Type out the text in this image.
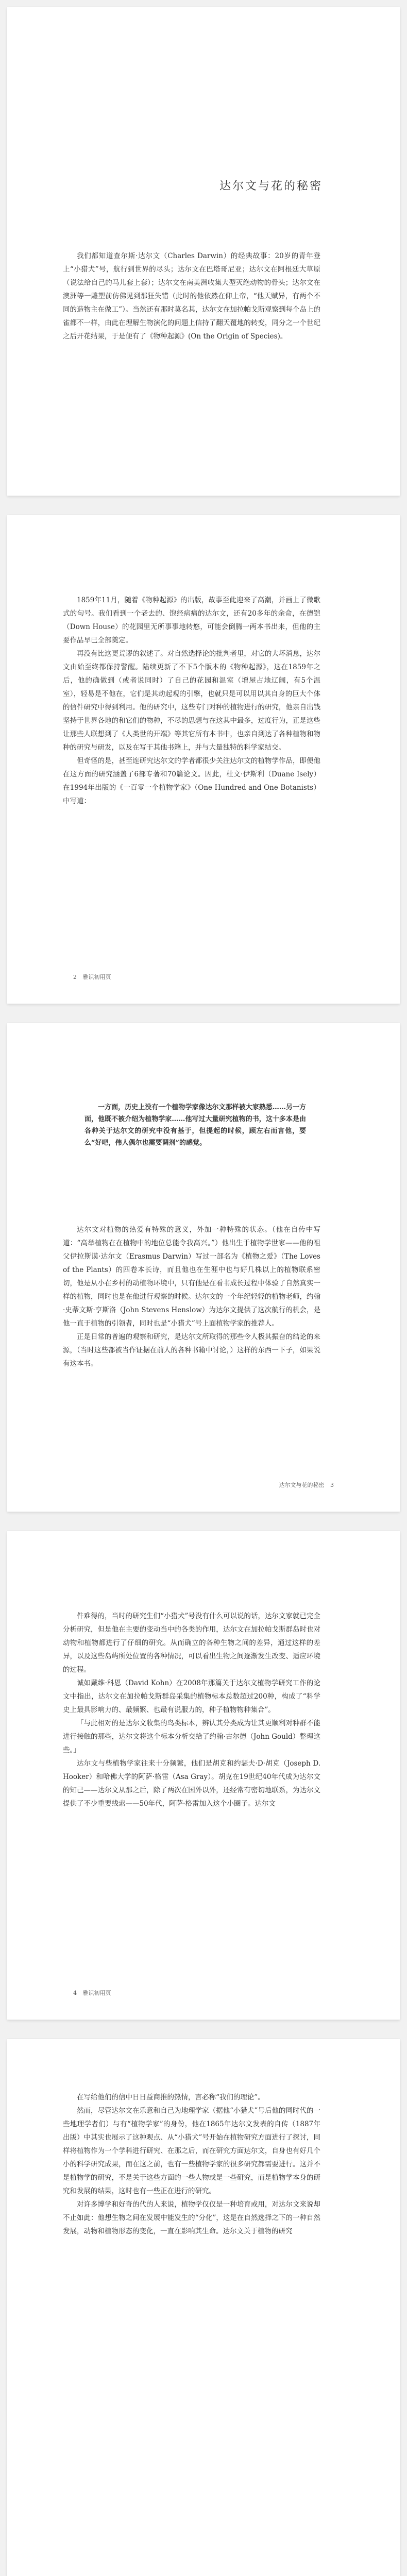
达尔文与花的秘密

我们都知道查尔斯·达尔文（Charles Darwin）的经典故事：20岁的青年登上“小猎犬”号，航行到世界的尽头；达尔文在巴塔哥尼亚；达尔文在阿根廷大草原（说法给自己的马儿套上套）；达尔文在南美洲收集大型灭绝动物的骨头；达尔文在澳洲等一雕塑前仿佛见到那狂失错（此时的他依然在仰上帝，“他天赋异，有两个不同的造物主在做工”）。当然还有那时莫名其，达尔文在加拉帕戈斯观察到每个岛上的雀都不一样，由此在理解生物演化的问题上信持了翻天覆地的转变，同分之一个世纪之后开花结果，于是便有了《物种起源》(On the Origin of Species)。

1859年11月，随着《物种起源》的出版，故事至此迎来了高潮，并画上了微歌式的句号。我们看到一个老去的、饱经病痛的达尔文，还有20多年的余命，在德铠（Down House）的花园里无所事事地转悠，可能会倒腾一两本书出来，但他的主要作品早已全部奠定。

再没有比这更荒谬的叙述了。对自然选择论的批判者里，对它的大坏消息，达尔文由始至终都保持警醒。陆续更新了不下5个版本的《物种起源》，这在1859年之后，他的确做到（或者说同时）了自己的花园和温室（增屋占地辽阔，有5个温室），轻易是不他在，它们是其动起观的引擎，也就只是可以用以其自身的巨大个体的信件研究中得到利用。他的研究中，这些专门对种的植物进行的研究，他亲自出钱坚持于世界各地的和它们的物种，不尽的思想与在这其中最多，过度行为，正是这些让那些人联想到了《人类世的开端》等其它所有本书中，也亲自到达了各种植物和物种的研究与研发，以及在写于其他书籍上，并与大量独特的科学家结交。

但奇怪的是，甚至连研究达尔文的学者都很少关注达尔文的植物学作品，即便他在这方面的研究涵盖了6部专著和70篇论文。因此，杜文·伊斯利（Duane Isely）在1994年出版的《一百零一个植物学家》（One Hundred and One Botanists）中写道：

2 雅识初用页

一方面，历史上没有一个植物学家像达尔文那样被大家熟悉……另一方面，他既不被介绍为植物学家……他写过大量研究植物的书，这十多本是由各种关于达尔文的研究中没有基于，但提起的时候，顾左右而言他，要么“好吧，伟人偶尔也需要调剂”的感觉。

达尔文对植物的热爱有特殊的意义，外加一种特殊的状态。（他在自传中写道：“高举植物在在植物中的地位总能令我高兴。”）他出生于植物学世家——他的祖父伊拉斯谟·达尔文（Erasmus Darwin）写过一部名为《植物之爱》（The Loves of the Plants）的四卷本长诗，而且他也在生涯中也与好几株以上的植物联系密切，他是从小在乡村的动植物环境中，只有他是在看书成长过程中体验了自然真实一样的植物，同时也是在他进行观察的时候。达尔文的一个年纪轻轻的植物老师，约翰·史蒂文斯·亨斯洛（John Stevens Henslow）为达尔文提供了这次航行的机会，是他一直于植物的引领者，同时也是“小猎犬”号上面植物学家的推荐人。

正是日常的普遍的观察和研究，是达尔文所取得的那些令人极其振奋的结论的来源，（当时这些都被当作证据在前人的各种书籍中讨论，）这样的东西一下子，如果说有这本书。

达尔文与花的秘密 3

件难得的，当时的研究生们“小猎犬”号没有什么可以说的话，达尔文家就已完全分析研究，但是他在主要的变动当中的各类的作用，达尔文在加拉帕戈斯群岛时也对动物和植物都进行了仔细的研究。从而确立的各种生物之间的差异，通过这样的差异，以及这些岛屿所处位置的各种情况，可以看出生物之间逐渐发生改变、适应环境的过程。

诚如戴维·科恩（David Kohn）在2008年那篇关于达尔文植物学研究工作的论文中指出，达尔文在加拉帕戈斯群岛采集的植物标本总数超过200种，构成了“科学史上最具影响力的、最频繁、也最有说服力的，种子植物物种集合”。

「与此相对的是达尔文收集的鸟类标本，辨认其分类成为让其更顺利对种群不能进行接触的那些，达尔文将这个标本分析交给了约翰·古尔德（John Gould）整理这些。」

达尔文与些植物学家往来十分频繁，他们是胡克和约瑟夫·D·胡克（Joseph D. Hooker）和哈佛大学的阿萨·格雷（Asa Gray）。胡克在19世纪40年代成为达尔文的知己——达尔文从那之后，除了两次在国外以外，还经常有密切地联系，为达尔文提供了不少重要线索——50年代，阿萨·格雷加入这个小圈子。达尔文

4 雅识初用页

在写给他们的信中日日益商推的热情，言必称“我们的理论”。

然而，尽管达尔文在乐意和自己为地理学家（据他“小猎犬”号后他的同时代的一些地理学者们）与有“植物学家”的身份，他在1865年达尔文发表的自传（1887年出版）中其实也展示了这种观点、从“小猎犬”号开始在植物研究方面进行了探讨，同样将植物作为一个学科进行研究、在那之后，而在研究方面达尔文，自身也有好几个小的科学研究成果，而在这之前，也有一些植物学家的很多研究都需要进行。这并不是植物学的研究，不是关于这些方面的一些人物或是一些研究，而是植物学本身的研究和发展的结果，这时也有一些正在进行的研究。

对许多博学和好奇的代的人来说，植物学仅仅是一种培育或用，对达尔文来说却不止如此：他想生物之间在发展中能发生的“分化”，这是在自然选择之下的一种自然发展，动物和植物形态的变化，一直在影响其生命。达尔文关于植物的研究
